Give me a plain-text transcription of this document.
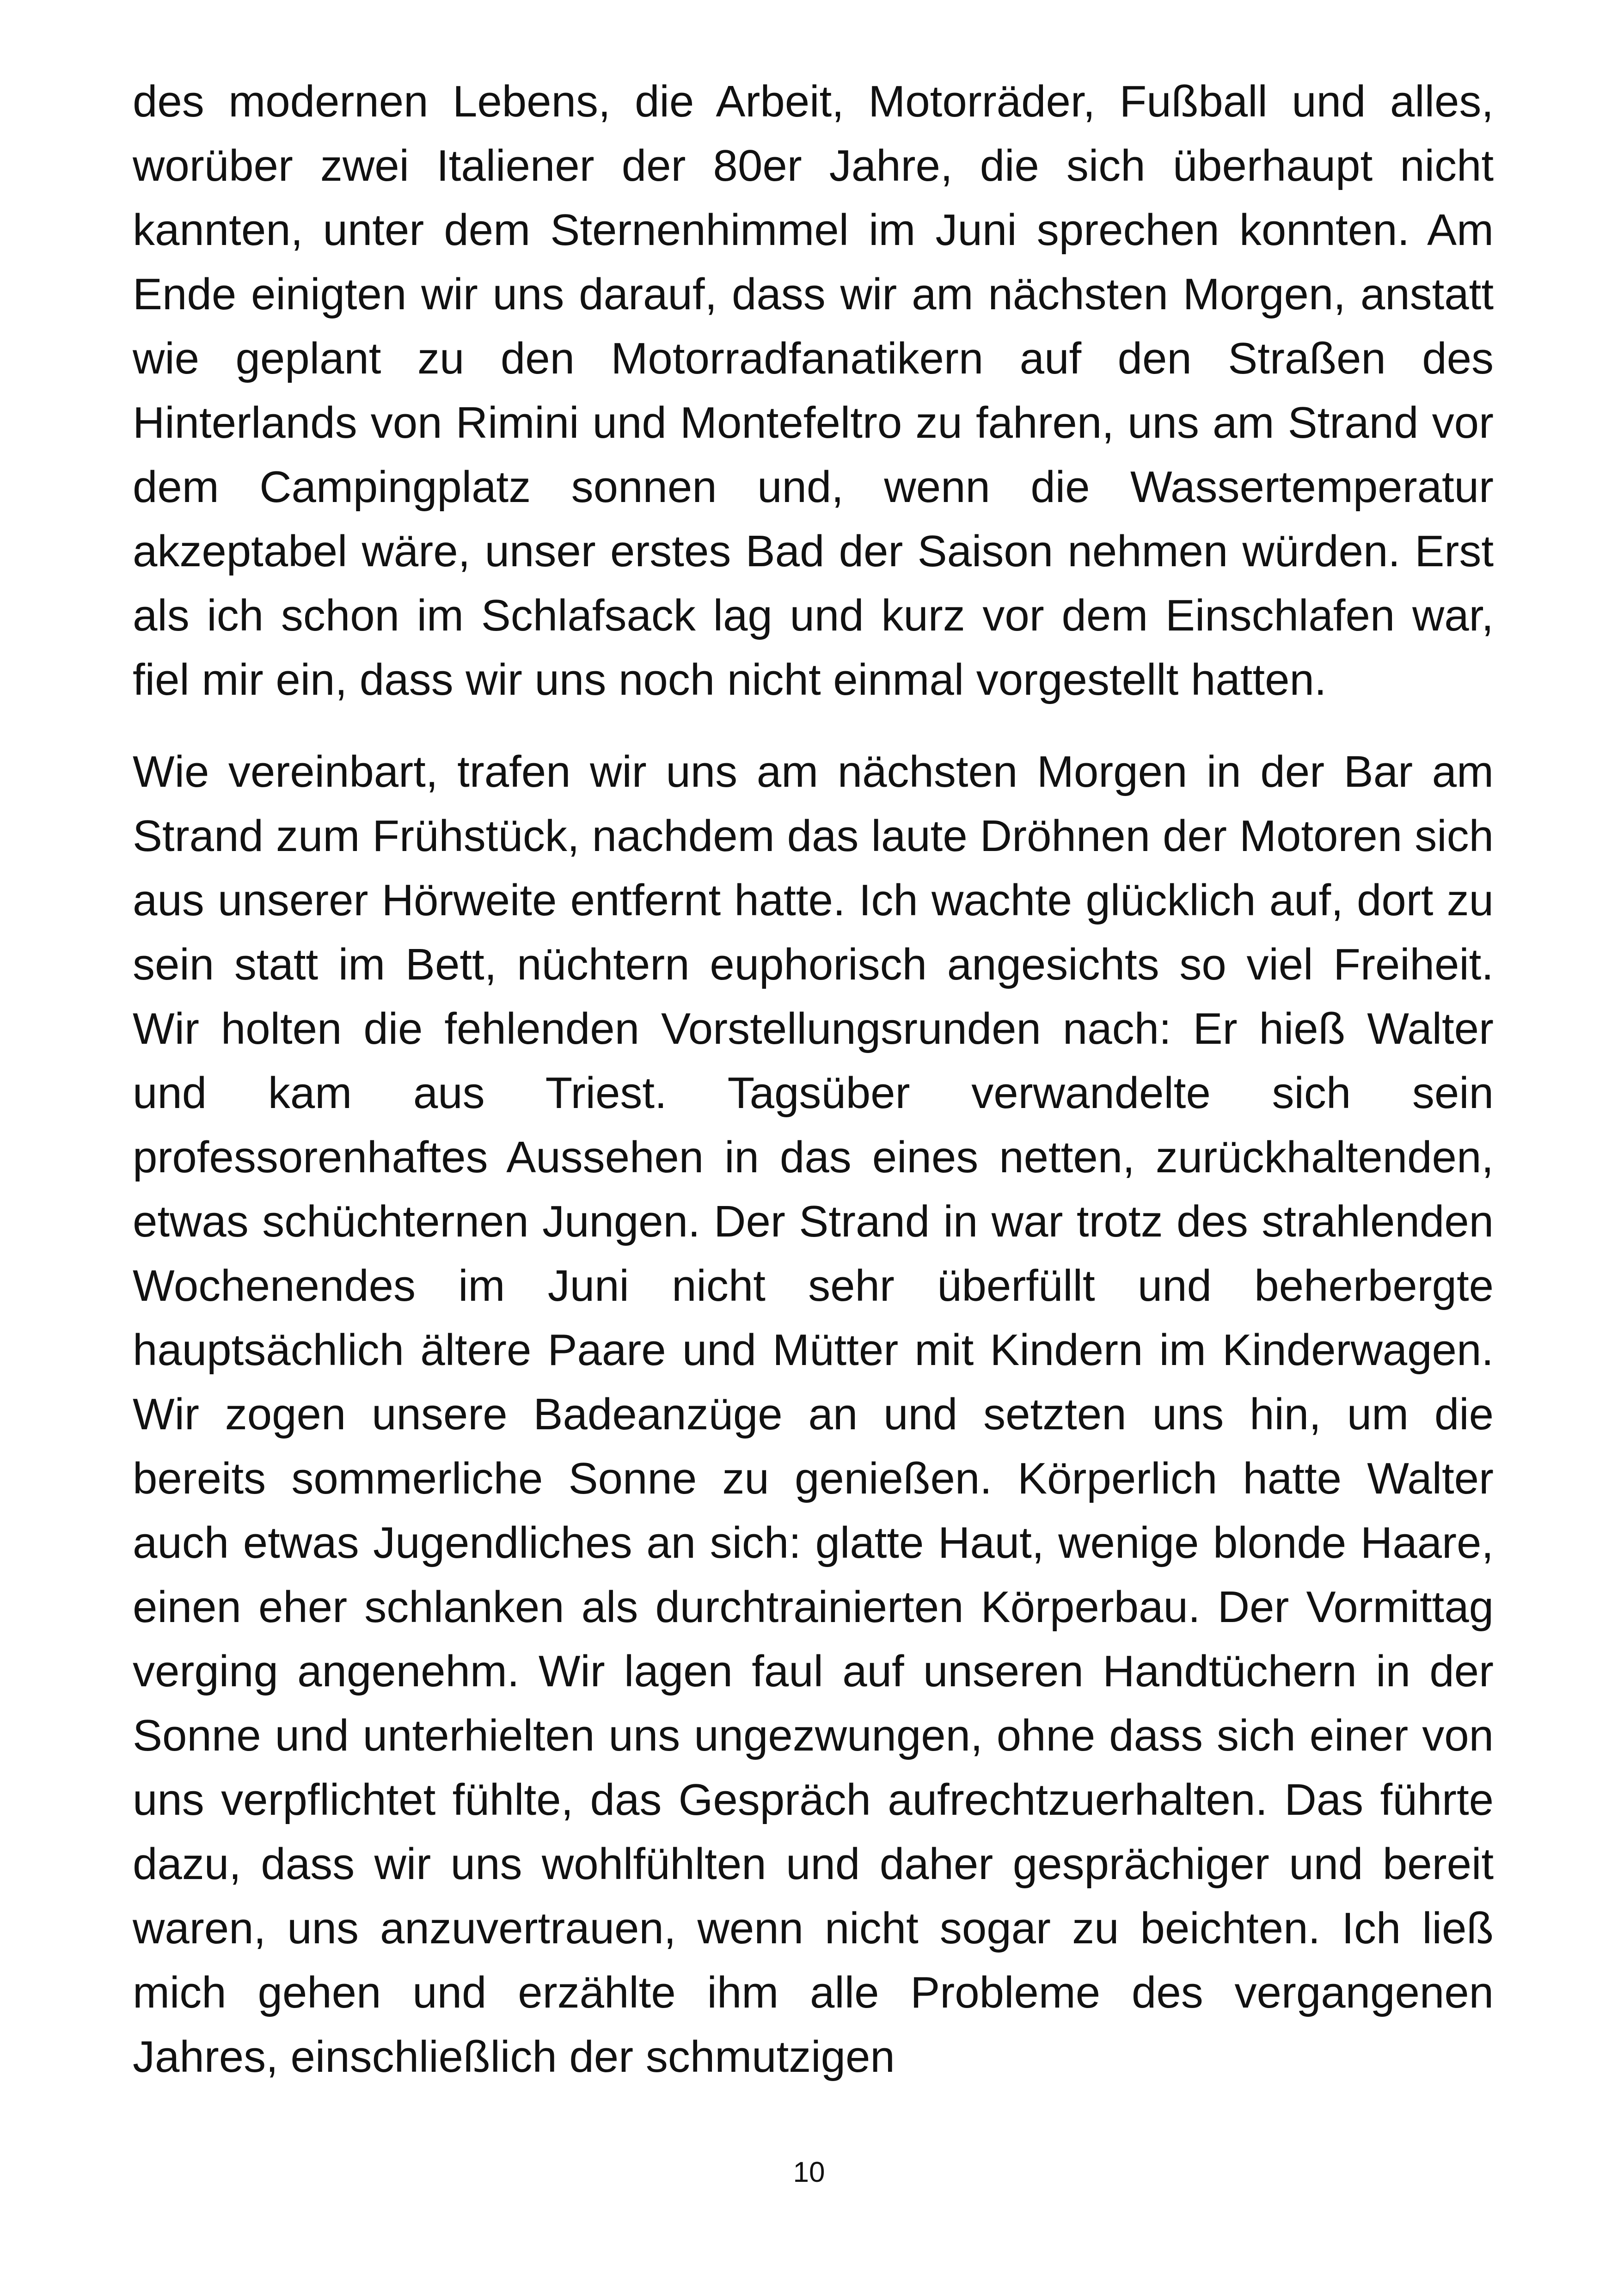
des modernen Lebens, die Arbeit, Motorräder, Fußball und alles, worüber zwei Italiener der 80er Jahre, die sich überhaupt nicht kannten, unter dem Sternenhimmel im Juni sprechen konnten. Am Ende einigten wir uns darauf, dass wir am nächsten Morgen, anstatt wie geplant zu den Motorradfanatikern auf den Straßen des Hinterlands von Rimini und Montefeltro zu fahren, uns am Strand vor dem Campingplatz sonnen und, wenn die Wassertemperatur akzeptabel wäre, unser erstes Bad der Saison nehmen würden. Erst als ich schon im Schlafsack lag und kurz vor dem Einschlafen war, fiel mir ein, dass wir uns noch nicht einmal vorgestellt hatten.

Wie vereinbart, trafen wir uns am nächsten Morgen in der Bar am Strand zum Frühstück, nachdem das laute Dröhnen der Motoren sich aus unserer Hörweite entfernt hatte. Ich wachte glücklich auf, dort zu sein statt im Bett, nüchtern euphorisch angesichts so viel Freiheit. Wir holten die fehlenden Vorstellungsrunden nach: Er hieß Walter und kam aus Triest. Tagsüber verwandelte sich sein professorenhaftes Aussehen in das eines netten, zurückhaltenden, etwas schüchternen Jungen. Der Strand in war trotz des strahlenden Wochenendes im Juni nicht sehr überfüllt und beherbergte hauptsächlich ältere Paare und Mütter mit Kindern im Kinderwagen. Wir zogen unsere Badeanzüge an und setzten uns hin, um die bereits sommerliche Sonne zu genießen. Körperlich hatte Walter auch etwas Jugendliches an sich: glatte Haut, wenige blonde Haare, einen eher schlanken als durchtrainierten Körperbau. Der Vormittag verging angenehm. Wir lagen faul auf unseren Handtüchern in der Sonne und unterhielten uns ungezwungen, ohne dass sich einer von uns verpflichtet fühlte, das Gespräch aufrechtzuerhalten. Das führte dazu, dass wir uns wohlfühlten und daher gesprächiger und bereit waren, uns anzuvertrauen, wenn nicht sogar zu beichten. Ich ließ mich gehen und erzählte ihm alle Probleme des vergangenen Jahres, einschließlich der schmutzigen

10
